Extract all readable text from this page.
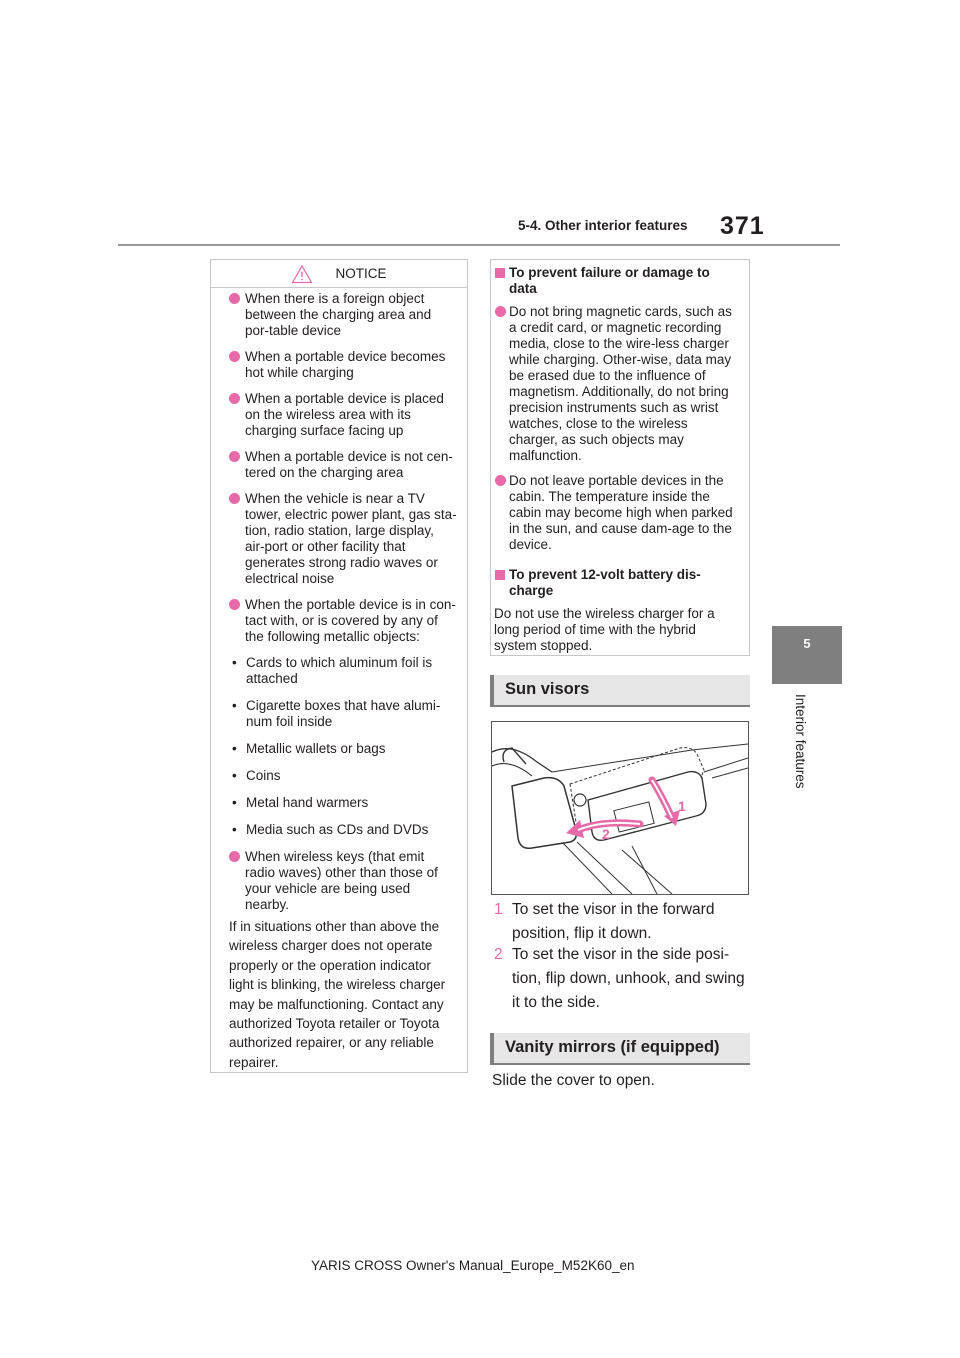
5-4. Other interior features 371
5
Interior features
NOTICE
When there is a foreign object between the charging area and por-table device
When a portable device becomes hot while charging
When a portable device is placed on the wireless area with its charging surface facing up
When a portable device is not cen-tered on the charging area
When the vehicle is near a TV tower, electric power plant, gas sta-tion, radio station, large display, air-port or other facility that generates strong radio waves or electrical noise
When the portable device is in con-tact with, or is covered by any of the following metallic objects:
• Cards to which aluminum foil is attached
• Cigarette boxes that have alumi-num foil inside
• Metallic wallets or bags
• Coins
• Metal hand warmers
• Media such as CDs and DVDs
When wireless keys (that emit radio waves) other than those of your vehicle are being used nearby.
If in situations other than above the wireless charger does not operate properly or the operation indicator light is blinking, the wireless charger may be malfunctioning. Contact any authorized Toyota retailer or Toyota authorized repairer, or any reliable repairer.
To prevent failure or damage to data
Do not bring magnetic cards, such as a credit card, or magnetic recording media, close to the wire-less charger while charging. Other-wise, data may be erased due to the influence of magnetism. Additionally, do not bring precision instruments such as wrist watches, close to the wireless charger, as such objects may malfunction.
Do not leave portable devices in the cabin. The temperature inside the cabin may become high when parked in the sun, and cause dam-age to the device.
To prevent 12-volt battery dis-charge
Do not use the wireless charger for a long period of time with the hybrid system stopped.
Sun visors
1
2
1 To set the visor in the forward position, flip it down.
2 To set the visor in the side posi-tion, flip down, unhook, and swing it to the side.
Vanity mirrors (if equipped)
Slide the cover to open.
YARIS CROSS Owner's Manual_Europe_M52K60_en
